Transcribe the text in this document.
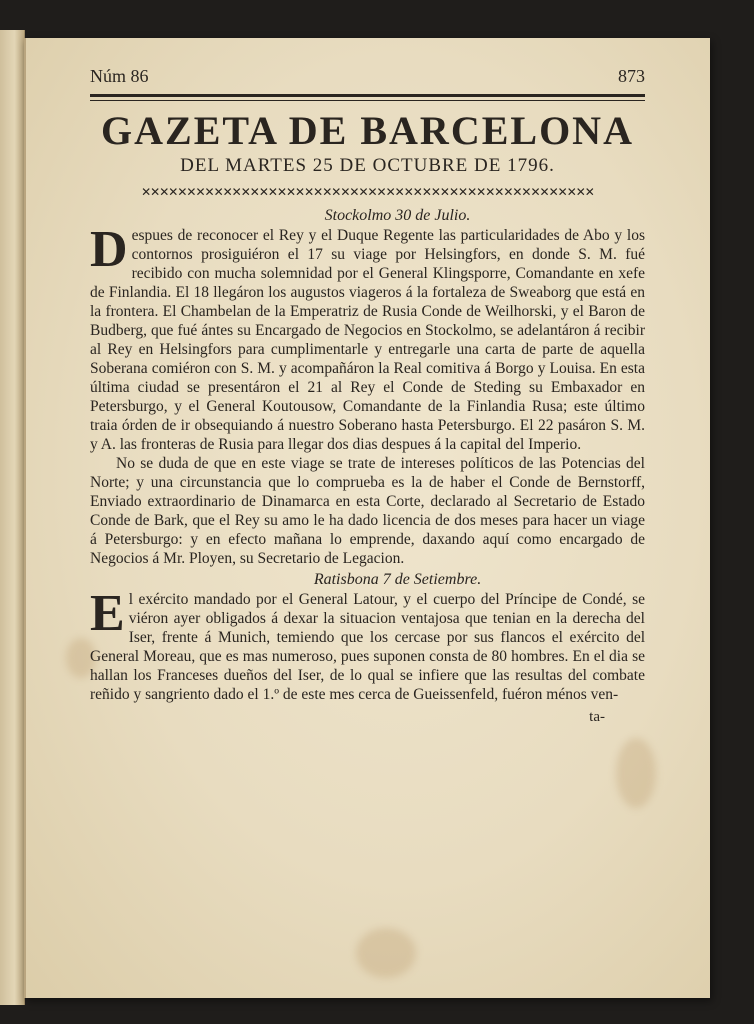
Núm 86	873
GAZETA DE BARCELONA
DEL MARTES 25 DE OCTUBRE DE 1796.
✕✕✕✕✕✕✕✕✕✕✕✕✕✕✕✕✕✕✕✕✕✕✕✕✕✕✕✕✕✕✕✕✕✕✕✕✕✕✕✕✕✕✕✕✕✕✕✕✕✕
Stockolmo 30 de Julio.

Despues de reconocer el Rey y el Duque Regente las particularidades de Abo y los contornos prosiguiéron el 17 su viage por Helsingfors, en donde S. M. fué recibido con mucha solemnidad por el General Klingsporre, Comandante en xefe de Finlandia. El 18 llegáron los augustos viageros á la fortaleza de Sweaborg que está en la frontera. El Chambelan de la Emperatriz de Rusia Conde de Weilhorski, y el Baron de Budberg, que fué ántes su Encargado de Negocios en Stockolmo, se adelantáron á recibir al Rey en Helsingfors para cumplimentarle y entregarle una carta de parte de aquella Soberana comiéron con S. M. y acompañáron la Real comitiva á Borgo y Louisa. En esta última ciudad se presentáron el 21 al Rey el Conde de Steding su Embaxador en Petersburgo, y el General Koutousow, Comandante de la Finlandia Rusa; este último traia órden de ir obsequiando á nuestro Soberano hasta Petersburgo. El 22 pasáron S. M. y A. las fronteras de Rusia para llegar dos dias despues á la capital del Imperio.

No se duda de que en este viage se trate de intereses políticos de las Potencias del Norte; y una circunstancia que lo comprueba es la de haber el Conde de Bernstorff, Enviado extraordinario de Dinamarca en esta Corte, declarado al Secretario de Estado Conde de Bark, que el Rey su amo le ha dado licencia de dos meses para hacer un viage á Petersburgo: y en efecto mañana lo emprende, daxando aquí como encargado de Negocios á Mr. Ployen, su Secretario de Legacion.

Ratisbona 7 de Setiembre.

El exército mandado por el General Latour, y el cuerpo del Príncipe de Condé, se viéron ayer obligados á dexar la situacion ventajosa que tenian en la derecha del Iser, frente á Munich, temiendo que los cercase por sus flancos el exército del General Moreau, que es mas numeroso, pues suponen consta de 80 hombres. En el dia se hallan los Franceses dueños del Iser, de lo qual se infiere que las resultas del combate reñido y sangriento dado el 1.º de este mes cerca de Gueissenfeld, fuéron ménos ven-

ta-
